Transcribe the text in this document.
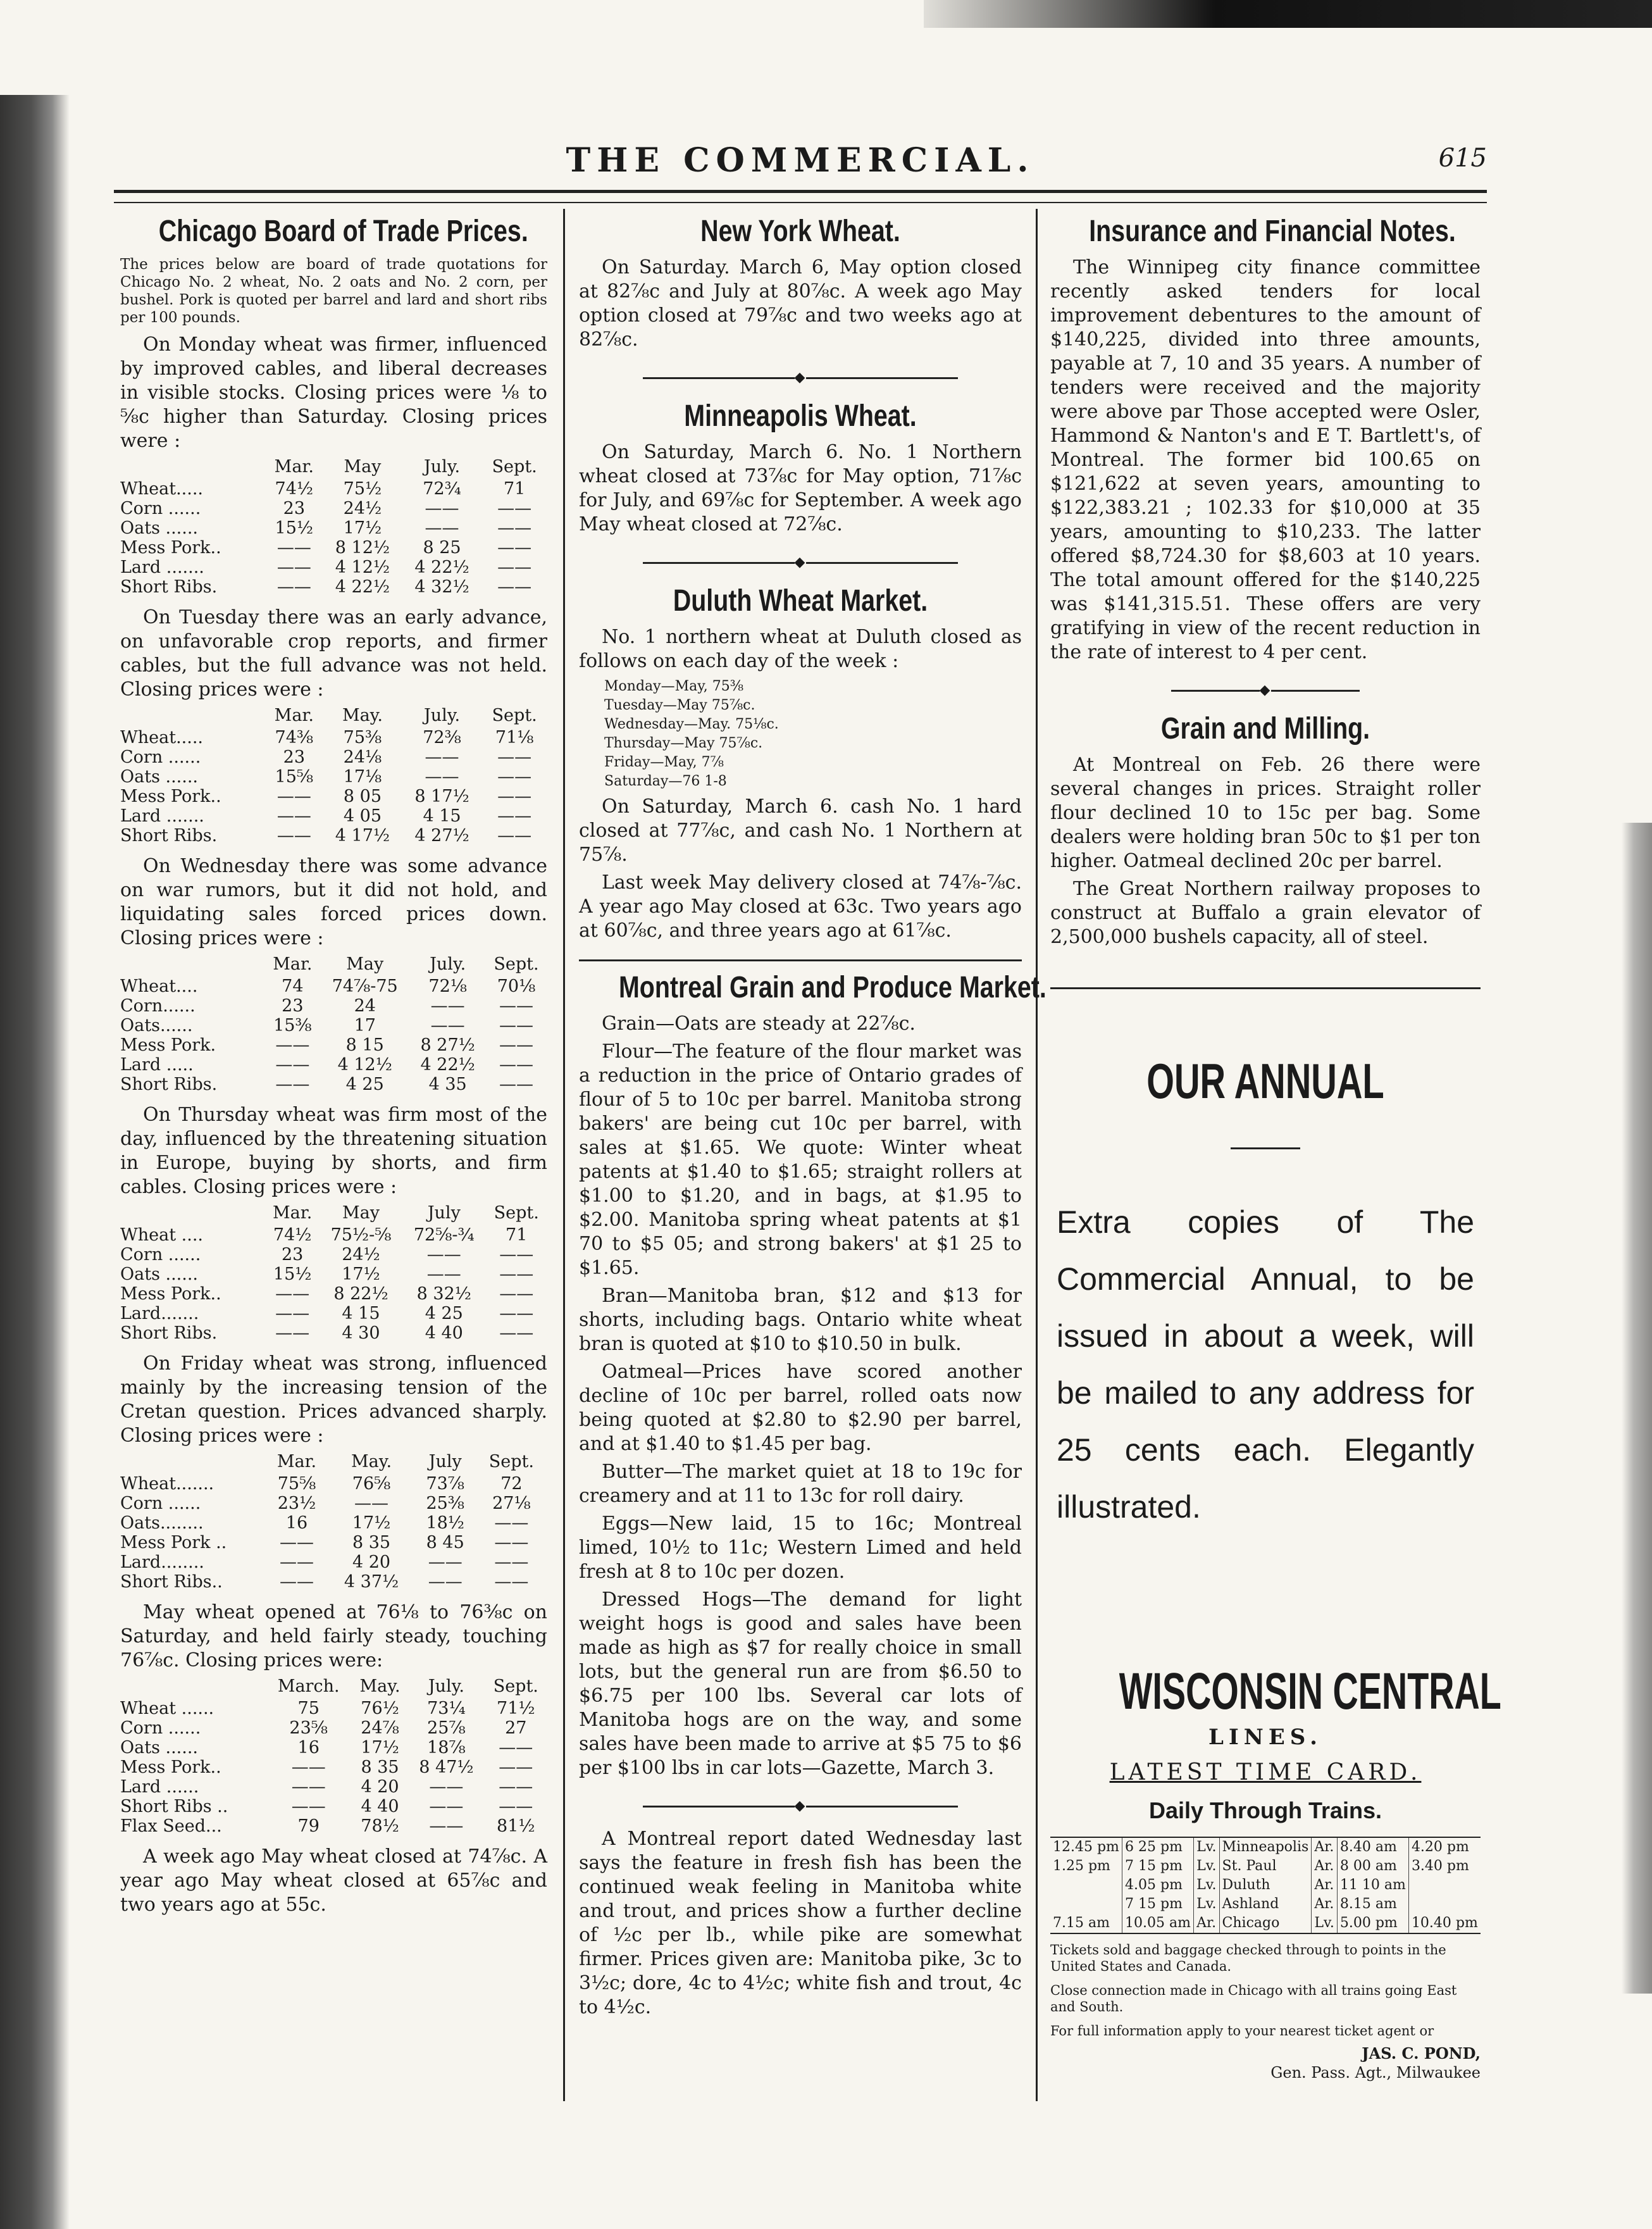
THE COMMERCIAL.	615
Chicago Board of Trade Prices.
The prices below are board of trade quotations for Chicago No. 2 wheat, No. 2 oats and No. 2 corn, per bushel. Pork is quoted per barrel and lard and short ribs per 100 pounds.

On Monday wheat was firmer, influenced by improved cables, and liberal decreases in visible stocks. Closing prices were ⅛ to ⅝c higher than Saturday. Closing prices were :

	Mar.	May	July.	Sept.
Wheat.....	74½	75½	72¾	71
Corn ......	23	24½	——	——
Oats ......	15½	17½	——	——
Mess Pork..	——	8 12½	8 25	——
Lard .......	——	4 12½	4 22½	——
Short Ribs.	——	4 22½	4 32½	——

On Tuesday there was an early advance, on unfavorable crop reports, and firmer cables, but the full advance was not held. Closing prices were :

	Mar.	May.	July.	Sept.
Wheat.....	74⅜	75⅜	72⅜	71⅛
Corn ......	23	24⅛	——	——
Oats ......	15⅝	17⅛	——	——
Mess Pork..	——	8 05	8 17½	——
Lard .......	——	4 05	4 15	——
Short Ribs.	——	4 17½	4 27½	——

On Wednesday there was some advance on war rumors, but it did not hold, and liquidating sales forced prices down. Closing prices were :

	Mar.	May	July.	Sept.
Wheat....	74	74⅞-75	72⅛	70⅛
Corn......	23	24	——	——
Oats......	15⅜	17	——	——
Mess Pork.	——	8 15	8 27½	——
Lard .....	——	4 12½	4 22½	——
Short Ribs.	——	4 25	4 35	——

On Thursday wheat was firm most of the day, influenced by the threatening situation in Europe, buying by shorts, and firm cables. Closing prices were :

	Mar.	May	July	Sept.
Wheat ....	74½	75½-⅝	72⅝-¾	71
Corn ......	23	24½	——	——
Oats ......	15½	17½	——	——
Mess Pork..	——	8 22½	8 32½	——
Lard.......	——	4 15	4 25	——
Short Ribs.	——	4 30	4 40	——

On Friday wheat was strong, influenced mainly by the increasing tension of the Cretan question. Prices advanced sharply. Closing prices were :

	Mar.	May.	July	Sept.
Wheat.......	75⅝	76⅝	73⅞	72
Corn ......	23½	——	25⅜	27⅛
Oats........	16	17½	18½	——
Mess Pork ..	——	8 35	8 45	——
Lard........	——	4 20	——	——
Short Ribs..	——	4 37½	——	——

May wheat opened at 76⅛ to 76⅜c on Saturday, and held fairly steady, touching 76⅞c. Closing prices were:

	March.	May.	July.	Sept.
Wheat ......	75	76½	73¼	71½
Corn ......	23⅝	24⅞	25⅞	27
Oats ......	16	17½	18⅞	——
Mess Pork..	——	8 35	8 47½	——
Lard ......	——	4 20	——	——
Short Ribs ..	——	4 40	——	——
Flax Seed...	79	78½	——	81½

A week ago May wheat closed at 74⅞c. A year ago May wheat closed at 65⅞c and two years ago at 55c.

New York Wheat.

On Saturday. March 6, May option closed at 82⅞c and July at 80⅞c. A week ago May option closed at 79⅞c and two weeks ago at 82⅞c.

◆
Minneapolis Wheat.

On Saturday, March 6. No. 1 Northern wheat closed at 73⅞c for May option, 71⅞c for July, and 69⅞c for September. A week ago May wheat closed at 72⅞c.

◆
Duluth Wheat Market.

No. 1 northern wheat at Duluth closed as follows on each day of the week :

Monday—May, 75⅜
Tuesday—May 75⅞c.
Wednesday—May. 75⅛c.
Thursday—May 75⅞c.
Friday—May, 7⅞
Saturday—76 1-8

On Saturday, March 6. cash No. 1 hard closed at 77⅞c, and cash No. 1 Northern at 75⅞.

Last week May delivery closed at 74⅞-⅞c. A year ago May closed at 63c. Two years ago at 60⅞c, and three years ago at 61⅞c.

Montreal Grain and Produce Market.

Grain—Oats are steady at 22⅞c.

Flour—The feature of the flour market was a reduction in the price of Ontario grades of flour of 5 to 10c per barrel. Manitoba strong bakers' are being cut 10c per barrel, with sales at $1.65. We quote: Winter wheat patents at $1.40 to $1.65; straight rollers at $1.00 to $1.20, and in bags, at $1.95 to $2.00. Manitoba spring wheat patents at $1 70 to $5 05; and strong bakers' at $1 25 to $1.65.

Bran—Manitoba bran, $12 and $13 for shorts, including bags. Ontario white wheat bran is quoted at $10 to $10.50 in bulk.

Oatmeal—Prices have scored another decline of 10c per barrel, rolled oats now being quoted at $2.80 to $2.90 per barrel, and at $1.40 to $1.45 per bag.

Butter—The market quiet at 18 to 19c for creamery and at 11 to 13c for roll dairy.

Eggs—New laid, 15 to 16c; Montreal limed, 10½ to 11c; Western Limed and held fresh at 8 to 10c per dozen.

Dressed Hogs—The demand for light weight hogs is good and sales have been made as high as $7 for really choice in small lots, but the general run are from $6.50 to $6.75 per 100 lbs. Several car lots of Manitoba hogs are on the way, and some sales have been made to arrive at $5 75 to $6 per $100 lbs in car lots—Gazette, March 3.

◆

A Montreal report dated Wednesday last says the feature in fresh fish has been the continued weak feeling in Manitoba white and trout, and prices show a further decline of ½c per lb., while pike are somewhat firmer. Prices given are: Manitoba pike, 3c to 3½c; dore, 4c to 4½c; white fish and trout, 4c to 4½c.

Insurance and Financial Notes.

The Winnipeg city finance committee recently asked tenders for local improvement debentures to the amount of $140,225, divided into three amounts, payable at 7, 10 and 35 years. A number of tenders were received and the majority were above par Those accepted were Osler, Hammond & Nanton's and E T. Bartlett's, of Montreal. The former bid 100.65 on $121,622 at seven years, amounting to $122,383.21 ; 102.33 for $10,000 at 35 years, amounting to $10,233. The latter offered $8,724.30 for $8,603 at 10 years. The total amount offered for the $140,225 was $141,315.51. These offers are very gratifying in view of the recent reduction in the rate of interest to 4 per cent.

◆
Grain and Milling.

At Montreal on Feb. 26 there were several changes in prices. Straight roller flour declined 10 to 15c per bag. Some dealers were holding bran 50c to $1 per ton higher. Oatmeal declined 20c per barrel.

The Great Northern railway proposes to construct at Buffalo a grain elevator of 2,500,000 bushels capacity, all of steel.

OUR ANNUAL
Extra copies of The Commercial Annual, to be issued in about a week, will be mailed to any address for 25 cents each. Elegantly illustrated.
WISCONSIN CENTRAL
LINES.
LATEST TIME CARD.
Daily Through Trains.
12.45 pm	6 25 pm	Lv.	Minneapolis	Ar.	8.40 am	4.20 pm
1.25 pm	7 15 pm	Lv.	St. Paul	Ar.	8 00 am	3.40 pm
	4.05 pm	Lv.	Duluth	Ar.	11 10 am	
	7 15 pm	Lv.	Ashland	Ar.	8.15 am	
7.15 am	10.05 am	Ar.	Chicago	Lv.	5.00 pm	10.40 pm
Tickets sold and baggage checked through to points in the United States and Canada.
Close connection made in Chicago with all trains going East and South.
For full information apply to your nearest ticket agent or
JAS. C. POND,
Gen. Pass. Agt., Milwaukee
